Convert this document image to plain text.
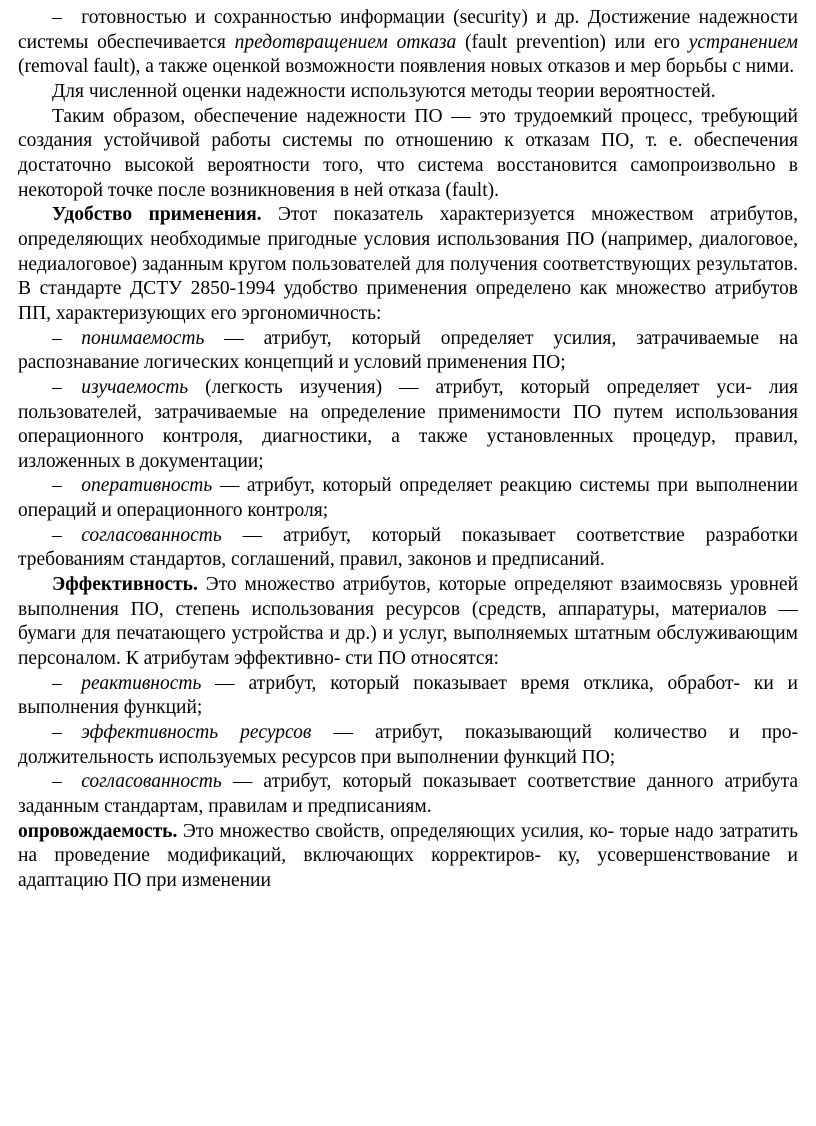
– готовностью и сохранностью информации (security) и др. Достижение надежности системы обеспечивается предотвращением отказа (fault prevention) или его устранением (removal fault), а также оценкой возможности появления новых отказов и мер борьбы с ними.

Для численной оценки надежности используются методы теории вероятностей.

Таким образом, обеспечение надежности ПО — это трудоемкий процесс, требующий создания устойчивой работы системы по отношению к отказам ПО, т. е. обеспечения достаточно высокой вероятности того, что система восстановится самопроизвольно в некоторой точке после возникновения в ней отказа (fault).

Удобство применения. Этот показатель характеризуется множеством атрибутов, определяющих необходимые пригодные условия использования ПО (например, диалоговое, недиалоговое) заданным кругом пользователей для получения соответствующих результатов. В стандарте ДСТУ 2850-1994 удобство применения определено как множество атрибутов ПП, характеризующих его эргономичность:

– понимаемость — атрибут, который определяет усилия, затрачиваемые на распознавание логических концепций и условий применения ПО;

– изучаемость (легкость изучения) — атрибут, который определяет уси- лия пользователей, затрачиваемые на определение применимости ПО путем использования операционного контроля, диагностики, а также установленных процедур, правил, изложенных в документации;

– оперативность — атрибут, который определяет реакцию системы при выполнении операций и операционного контроля;

– согласованность — атрибут, который показывает соответствие разработки требованиям стандартов, соглашений, правил, законов и предписаний.

Эффективность. Это множество атрибутов, которые определяют взаимосвязь уровней выполнения ПО, степень использования ресурсов (средств, аппаратуры, материалов — бумаги для печатающего устройства и др.) и услуг, выполняемых штатным обслуживающим персоналом. К атрибутам эффективно- сти ПО относятся:

– реактивность — атрибут, который показывает время отклика, обработ- ки и выполнения функций;

– эффективность ресурсов — атрибут, показывающий количество и про- должительность используемых ресурсов при выполнении функций ПО;

– согласованность — атрибут, который показывает соответствие данного атрибута заданным стандартам, правилам и предписаниям.

опровождаемость. Это множество свойств, определяющих усилия, ко- торые надо затратить на проведение модификаций, включающих корректиров- ку, усовершенствование и адаптацию ПО при изменении
